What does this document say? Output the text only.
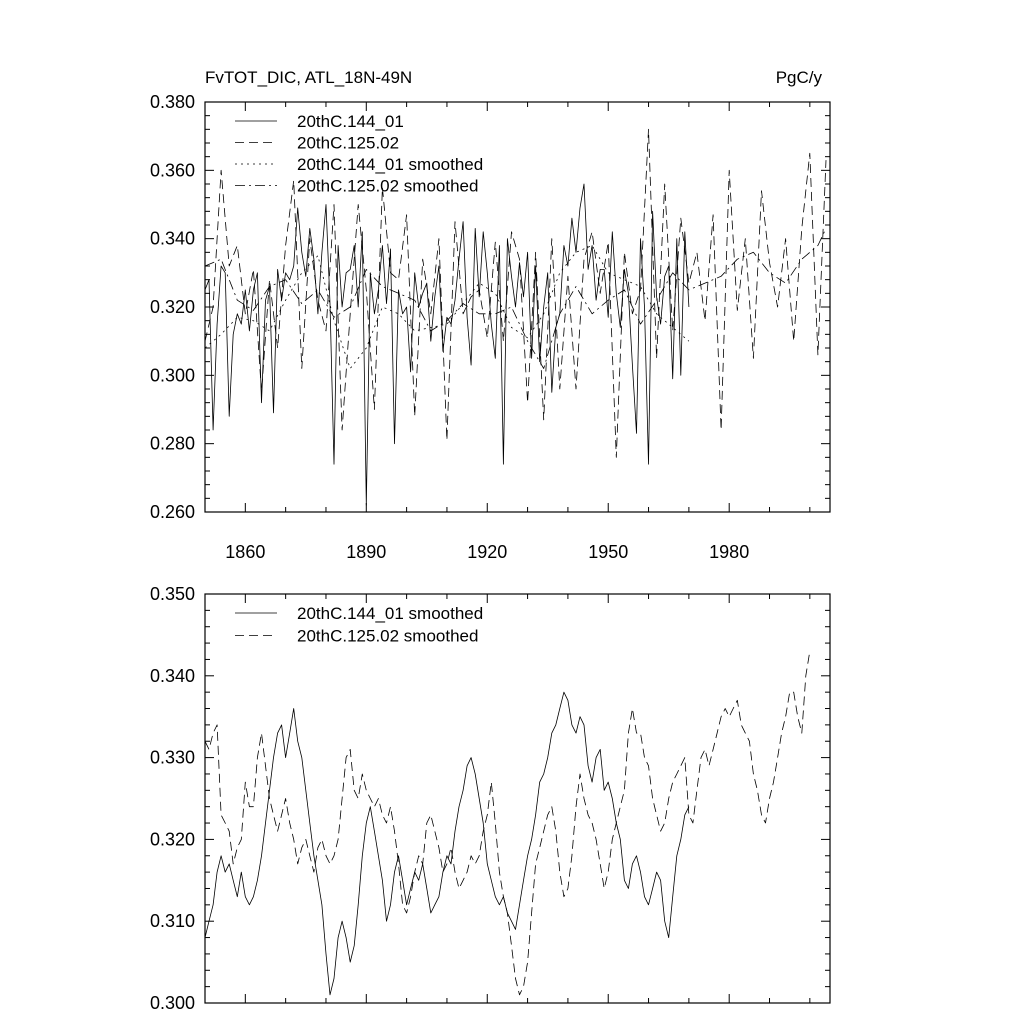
FvTOT_DIC, ATL_18N-49N	PgC/y
0.260
0.280
0.300
0.320
0.340
0.360
0.380
1860	1890	1920	1950	1980
20thC.144_01
20thC.125.02
20thC.144_01 smoothed
20thC.125.02 smoothed
0.300
0.310
0.320
0.330
0.340
0.350
20thC.144_01 smoothed
20thC.125.02 smoothed
